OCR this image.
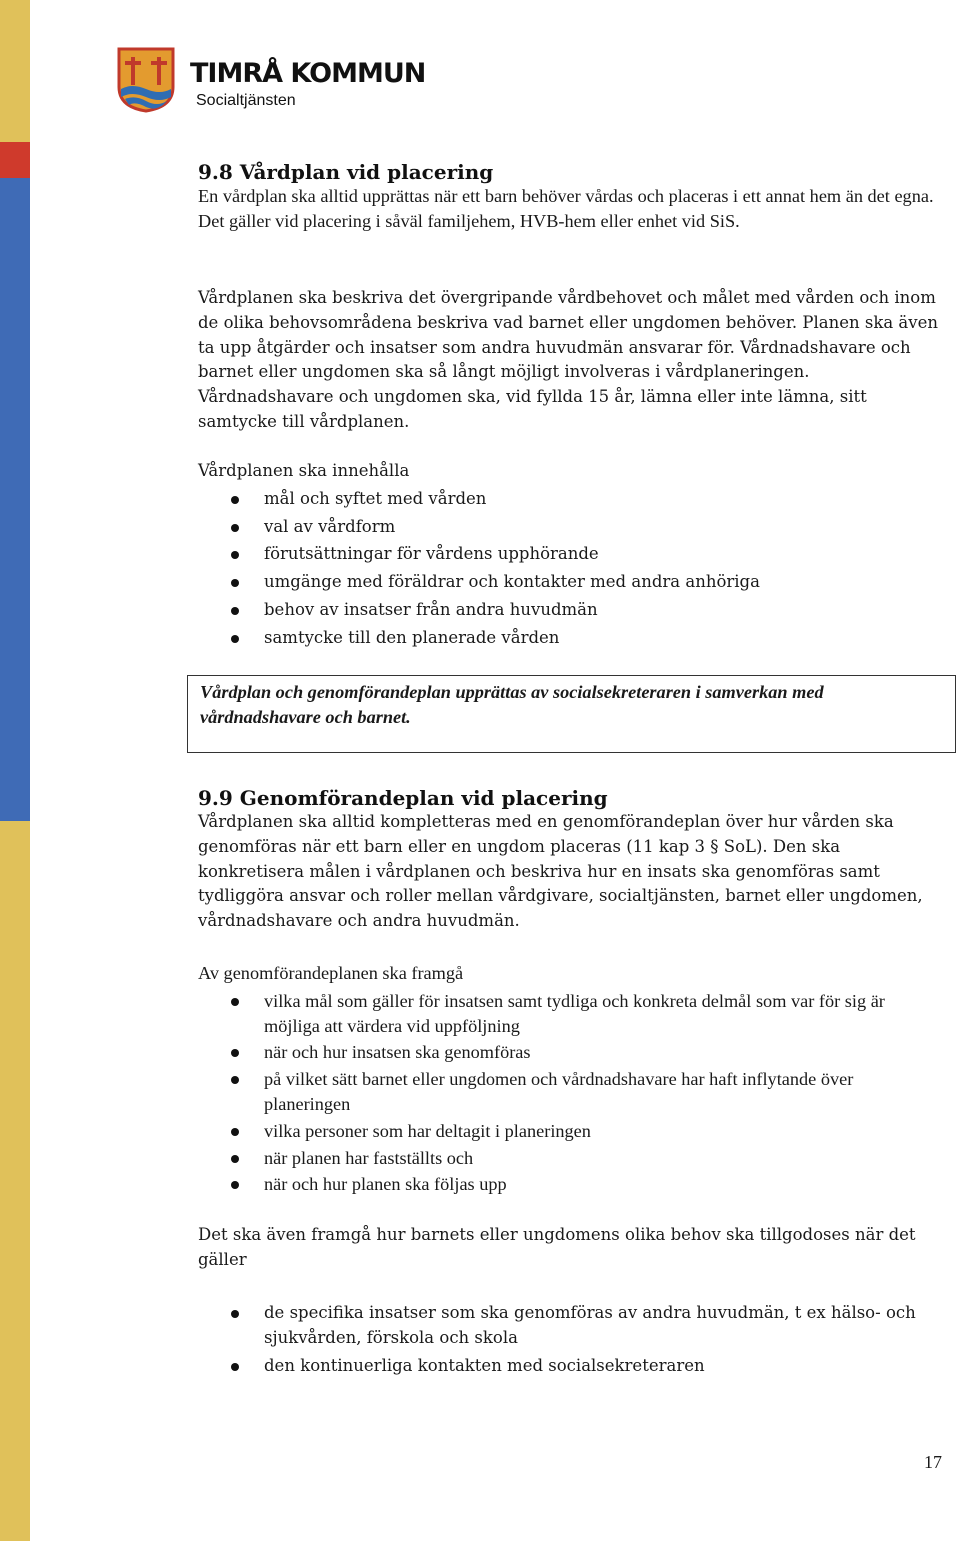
TIMRÅ KOMMUN
Socialtjänsten
9.8 Vårdplan vid placering

En vårdplan ska alltid upprättas när ett barn behöver vårdas och placeras i ett annat hem än det egna. Det gäller vid placering i såväl familjehem, HVB-hem eller enhet vid SiS.

Vårdplanen ska beskriva det övergripande vårdbehovet och målet med vården och inom de olika behovsområdena beskriva vad barnet eller ungdomen behöver. Planen ska även ta upp åtgärder och insatser som andra huvudmän ansvarar för. Vårdnadshavare och barnet eller ungdomen ska så långt möjligt involveras i vårdplaneringen. Vårdnadshavare och ungdomen ska, vid fyllda 15 år, lämna eller inte lämna, sitt samtycke till vårdplanen.

Vårdplanen ska innehålla

mål och syftet med vården
val av vårdform
förutsättningar för vårdens upphörande
umgänge med föräldrar och kontakter med andra anhöriga
behov av insatser från andra huvudmän
samtycke till den planerade vården

Vårdplan och genomförandeplan upprättas av socialsekreteraren i samverkan med vårdnadshavare och barnet.

9.9 Genomförandeplan vid placering

Vårdplanen ska alltid kompletteras med en genomförandeplan över hur vården ska genomföras när ett barn eller en ungdom placeras (11 kap 3 § SoL). Den ska konkretisera målen i vårdplanen och beskriva hur en insats ska genomföras samt tydliggöra ansvar och roller mellan vårdgivare, socialtjänsten, barnet eller ungdomen, vårdnadshavare och andra huvudmän.

Av genomförandeplanen ska framgå

vilka mål som gäller för insatsen samt tydliga och konkreta delmål som var för sig är möjliga att värdera vid uppföljning
när och hur insatsen ska genomföras
på vilket sätt barnet eller ungdomen och vårdnadshavare har haft inflytande över planeringen
vilka personer som har deltagit i planeringen
när planen har fastställts och
när och hur planen ska följas upp

Det ska även framgå hur barnets eller ungdomens olika behov ska tillgodoses när det gäller

de specifika insatser som ska genomföras av andra huvudmän, t ex hälso- och sjukvården, förskola och skola
den kontinuerliga kontakten med socialsekreteraren
17
